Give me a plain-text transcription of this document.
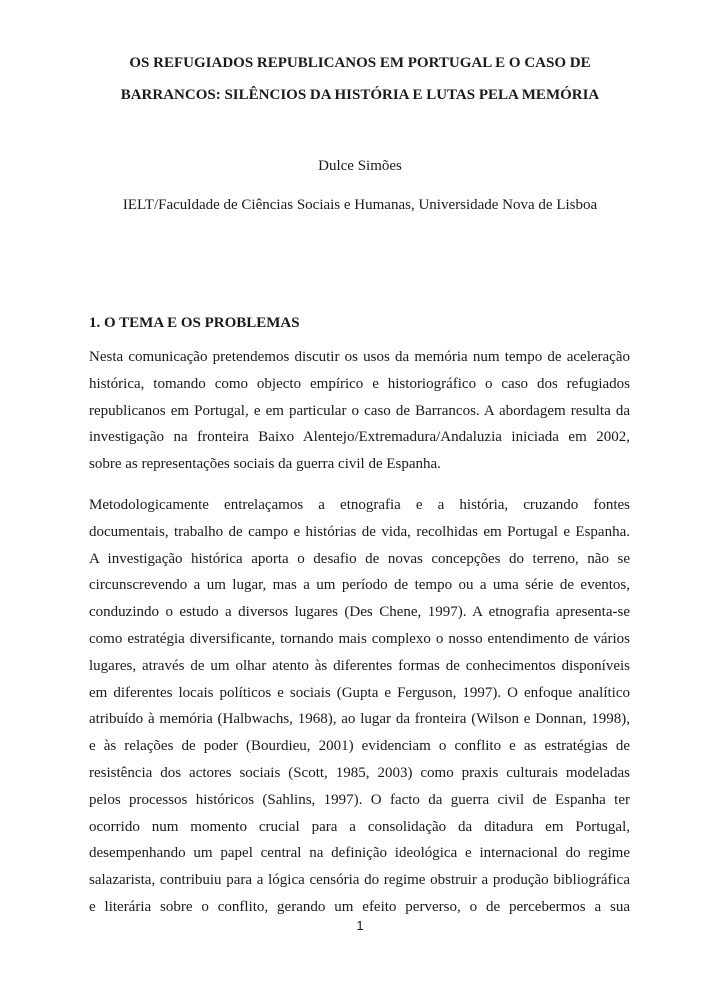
OS REFUGIADOS REPUBLICANOS EM PORTUGAL E O CASO DE
BARRANCOS: SILÊNCIOS DA HISTÓRIA E LUTAS PELA MEMÓRIA
Dulce Simões
IELT/Faculdade de Ciências Sociais e Humanas, Universidade Nova de Lisboa
1. O TEMA E OS PROBLEMAS
Nesta comunicação pretendemos discutir os usos da memória num tempo de aceleração
histórica, tomando como objecto empírico e historiográfico o caso dos refugiados
republicanos em Portugal, e em particular o caso de Barrancos. A abordagem resulta da
investigação na fronteira Baixo Alentejo/Extremadura/Andaluzia iniciada em 2002,
sobre as representações sociais da guerra civil de Espanha.
Metodologicamente entrelaçamos a etnografia e a história, cruzando fontes
documentais, trabalho de campo e histórias de vida, recolhidas em Portugal e Espanha.
A investigação histórica aporta o desafio de novas concepções do terreno, não se
circunscrevendo a um lugar, mas a um período de tempo ou a uma série de eventos,
conduzindo o estudo a diversos lugares (Des Chene, 1997). A etnografia apresenta-se
como estratégia diversificante, tornando mais complexo o nosso entendimento de vários
lugares, através de um olhar atento às diferentes formas de conhecimentos disponíveis
em diferentes locais políticos e sociais (Gupta e Ferguson, 1997). O enfoque analítico
atribuído à memória (Halbwachs, 1968), ao lugar da fronteira (Wilson e Donnan, 1998),
e às relações de poder (Bourdieu, 2001) evidenciam o conflito e as estratégias de
resistência dos actores sociais (Scott, 1985, 2003) como praxis culturais modeladas
pelos processos históricos (Sahlins, 1997). O facto da guerra civil de Espanha ter
ocorrido num momento crucial para a consolidação da ditadura em Portugal,
desempenhando um papel central na definição ideológica e internacional do regime
salazarista, contribuiu para a lógica censória do regime obstruir a produção bibliográfica
e literária sobre o conflito, gerando um efeito perverso, o de percebermos a sua
1
